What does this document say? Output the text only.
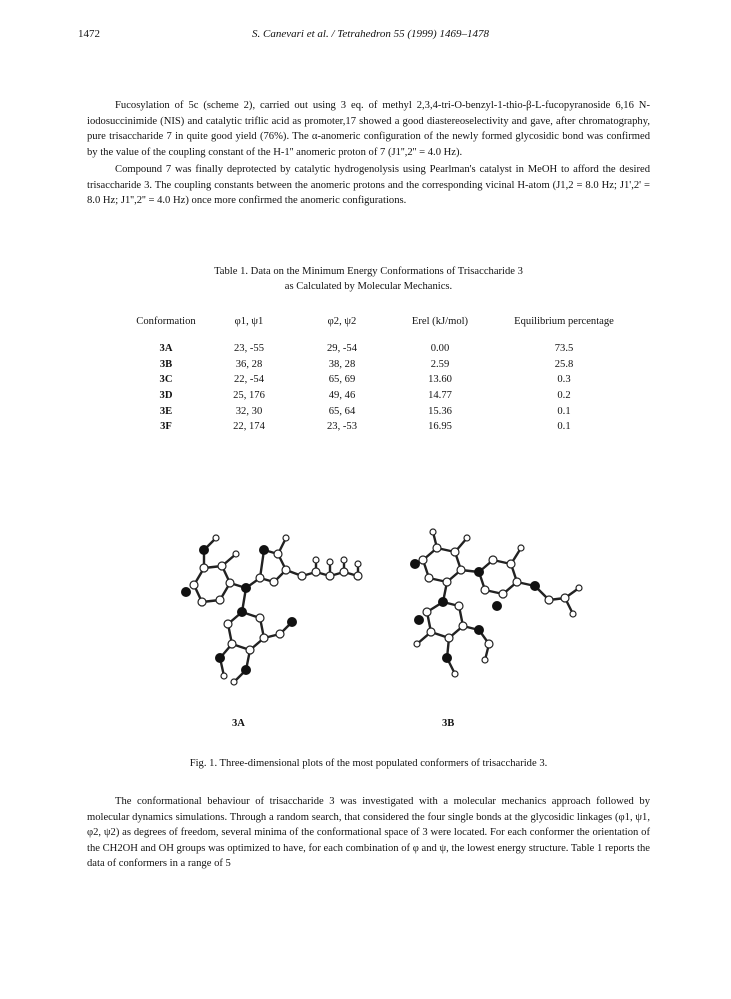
1472	S. Canevari et al. / Tetrahedron 55 (1999) 1469–1478

Fucosylation of 5c (scheme 2), carried out using 3 eq. of methyl 2,3,4-tri-O-benzyl-1-thio-β-L-fucopyranoside 6,16 N-iodosuccinimide (NIS) and catalytic triflic acid as promoter,17 showed a good diastereoselectivity and gave, after chromatography, pure trisaccharide 7 in quite good yield (76%). The α-anomeric configuration of the newly formed glycosidic bond was confirmed by the value of the coupling constant of the H-1'' anomeric proton of 7 (J1'',2'' = 4.0 Hz).

Compound 7 was finally deprotected by catalytic hydrogenolysis using Pearlman's catalyst in MeOH to afford the desired trisaccharide 3. The coupling constants between the anomeric protons and the corresponding vicinal H-atom (J1,2 = 8.0 Hz; J1',2' = 8.0 Hz; J1'',2'' = 4.0 Hz) once more confirmed the anomeric configurations.

Table 1. Data on the Minimum Energy Conformations of Trisaccharide 3
as Calculated by Molecular Mechanics.
Conformation	φ1, ψ1	φ2, ψ2	Erel (kJ/mol)	Equilibrium percentage
3A	23, -55	29, -54	0.00	73.5
3B	36, 28	38, 28	2.59	25.8
3C	22, -54	65, 69	13.60	0.3
3D	25, 176	49, 46	14.77	0.2
3E	32, 30	65, 64	15.36	0.1
3F	22, 174	23, -53	16.95	0.1
3A	3B
Fig. 1. Three-dimensional plots of the most populated conformers of trisaccharide 3.

The conformational behaviour of trisaccharide 3 was investigated with a molecular mechanics approach followed by molecular dynamics simulations. Through a random search, that considered the four single bonds at the glycosidic linkages (φ1, ψ1, φ2, ψ2) as degrees of freedom, several minima of the conformational space of 3 were located. For each conformer the orientation of the CH2OH and OH groups was optimized to have, for each combination of φ and ψ, the lowest energy structure. Table 1 reports the data of conformers in a range of 5
